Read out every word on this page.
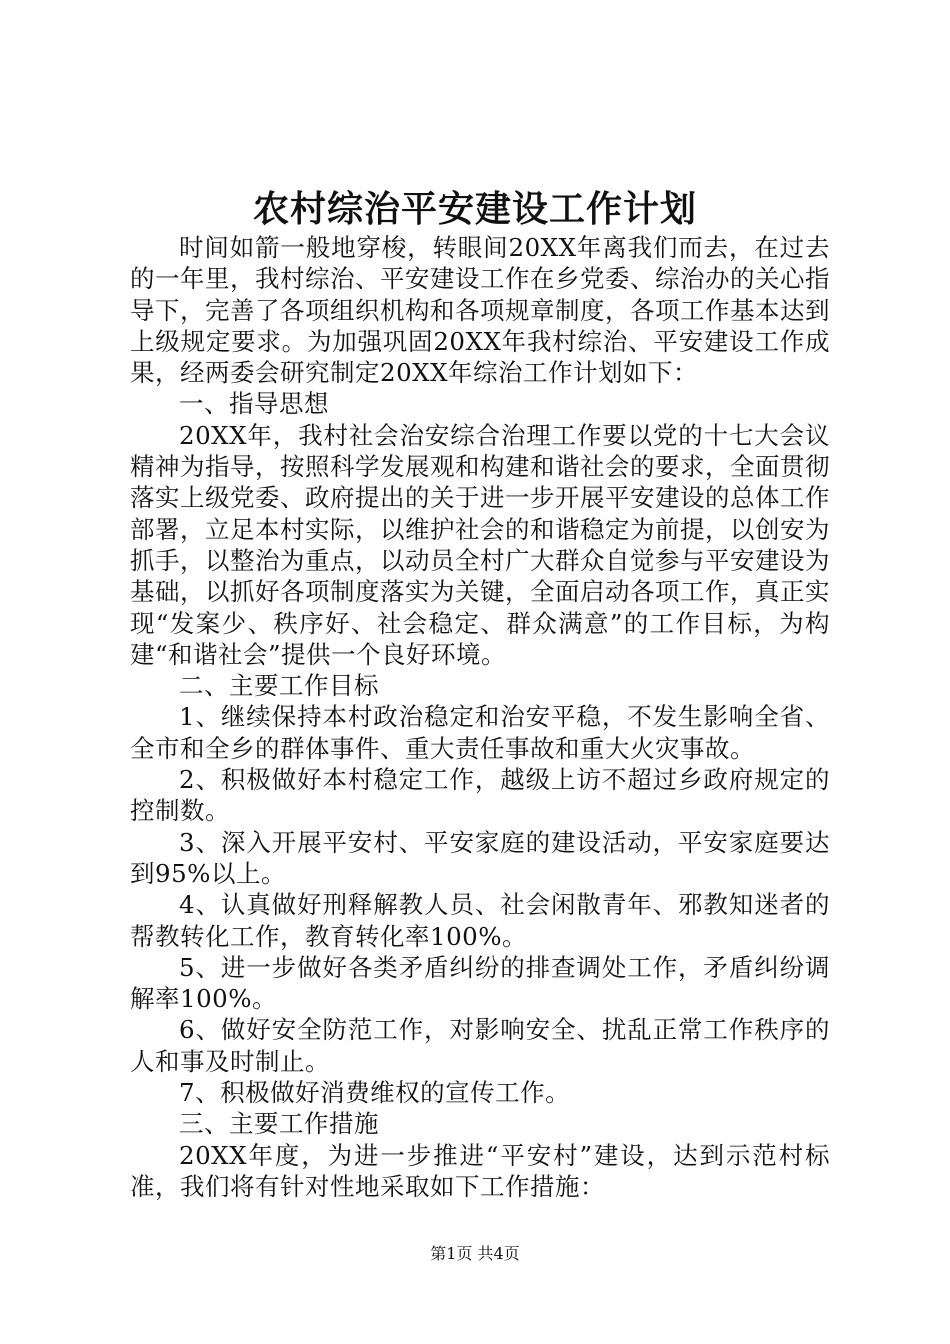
农村综治平安建设工作计划

时间如箭一般地穿梭，转眼间20XX年离我们而去，在过去的一年里，我村综治、平安建设工作在乡党委、综治办的关心指导下，完善了各项组织机构和各项规章制度，各项工作基本达到上级规定要求。为加强巩固20XX年我村综治、平安建设工作成果，经两委会研究制定20XX年综治工作计划如下：

一、指导思想

20XX年，我村社会治安综合治理工作要以党的十七大会议精神为指导，按照科学发展观和构建和谐社会的要求，全面贯彻落实上级党委、政府提出的关于进一步开展平安建设的总体工作部署，立足本村实际，以维护社会的和谐稳定为前提，以创安为抓手，以整治为重点，以动员全村广大群众自觉参与平安建设为基础，以抓好各项制度落实为关键，全面启动各项工作，真正实现“发案少、秩序好、社会稳定、群众满意”的工作目标，为构建“和谐社会”提供一个良好环境。

二、主要工作目标

1、继续保持本村政治稳定和治安平稳，不发生影响全省、全市和全乡的群体事件、重大责任事故和重大火灾事故。

2、积极做好本村稳定工作，越级上访不超过乡政府规定的控制数。

3、深入开展平安村、平安家庭的建设活动，平安家庭要达到95%以上。

4、认真做好刑释解教人员、社会闲散青年、邪教知迷者的帮教转化工作，教育转化率100%。

5、进一步做好各类矛盾纠纷的排查调处工作，矛盾纠纷调解率100%。

6、做好安全防范工作，对影响安全、扰乱正常工作秩序的人和事及时制止。

7、积极做好消费维权的宣传工作。

三、主要工作措施

20XX年度，为进一步推进“平安村”建设，达到示范村标准，我们将有针对性地采取如下工作措施：

第1页 共4页
